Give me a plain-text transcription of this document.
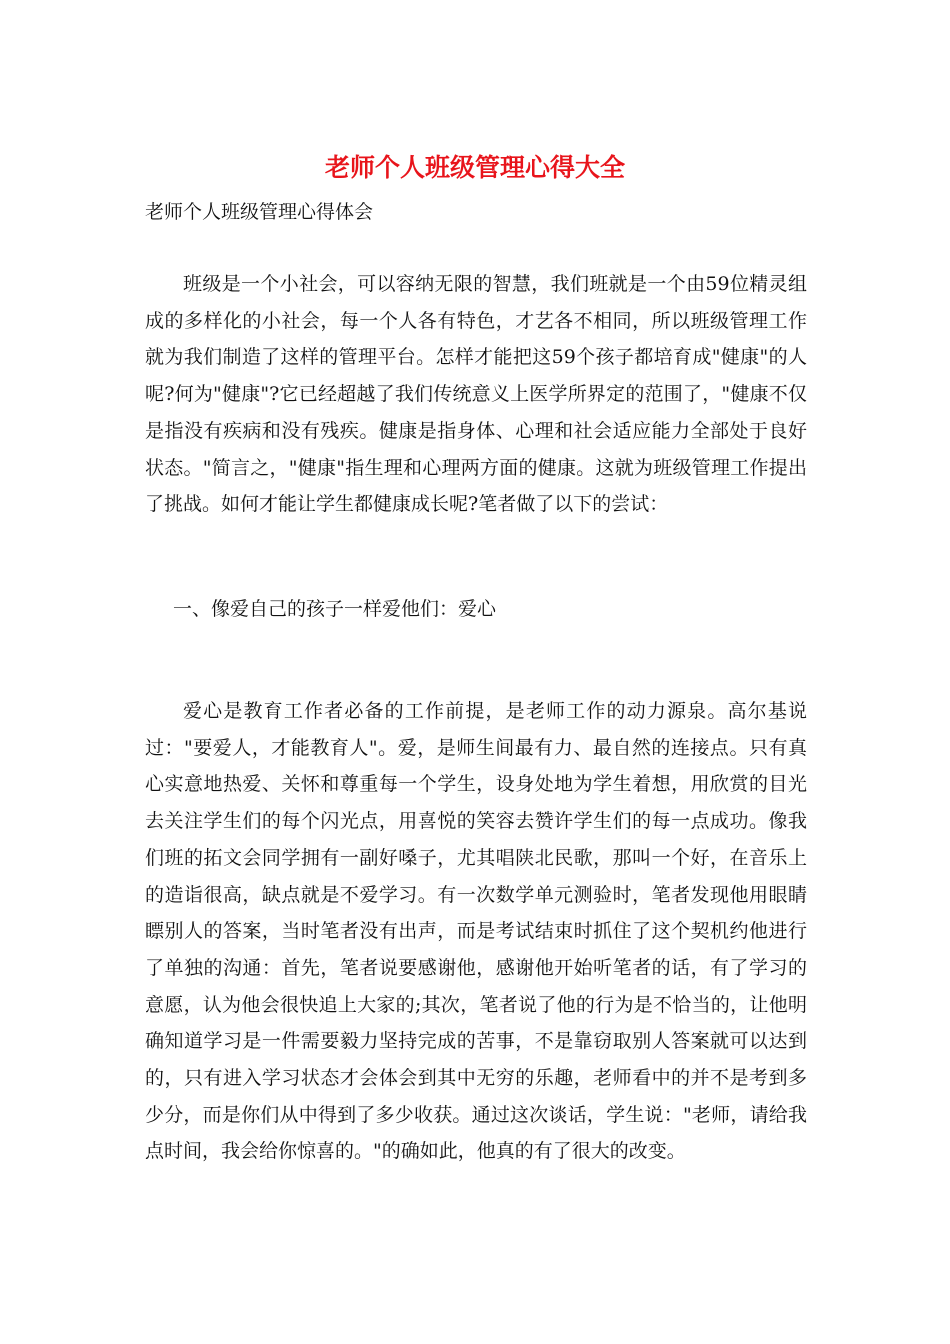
老师个人班级管理心得大全

老师个人班级管理心得体会

班级是一个小社会，可以容纳无限的智慧，我们班就是一个由59位精灵组成的多样化的小社会，每一个人各有特色，才艺各不相同，所以班级管理工作就为我们制造了这样的管理平台。怎样才能把这59个孩子都培育成"健康"的人呢?何为"健康"?它已经超越了我们传统意义上医学所界定的范围了，"健康不仅是指没有疾病和没有残疾。健康是指身体、心理和社会适应能力全部处于良好状态。"简言之，"健康"指生理和心理两方面的健康。这就为班级管理工作提出了挑战。如何才能让学生都健康成长呢?笔者做了以下的尝试：

一、像爱自己的孩子一样爱他们：爱心

爱心是教育工作者必备的工作前提，是老师工作的动力源泉。高尔基说过："要爱人，才能教育人"。爱，是师生间最有力、最自然的连接点。只有真心实意地热爱、关怀和尊重每一个学生，设身处地为学生着想，用欣赏的目光去关注学生们的每个闪光点，用喜悦的笑容去赞许学生们的每一点成功。像我们班的拓文会同学拥有一副好嗓子，尤其唱陕北民歌，那叫一个好，在音乐上的造诣很高，缺点就是不爱学习。有一次数学单元测验时，笔者发现他用眼睛瞟别人的答案，当时笔者没有出声，而是考试结束时抓住了这个契机约他进行了单独的沟通：首先，笔者说要感谢他，感谢他开始听笔者的话，有了学习的意愿，认为他会很快追上大家的;其次，笔者说了他的行为是不恰当的，让他明确知道学习是一件需要毅力坚持完成的苦事，不是靠窃取别人答案就可以达到的，只有进入学习状态才会体会到其中无穷的乐趣，老师看中的并不是考到多少分，而是你们从中得到了多少收获。通过这次谈话，学生说："老师，请给我点时间，我会给你惊喜的。"的确如此，他真的有了很大的改变。
